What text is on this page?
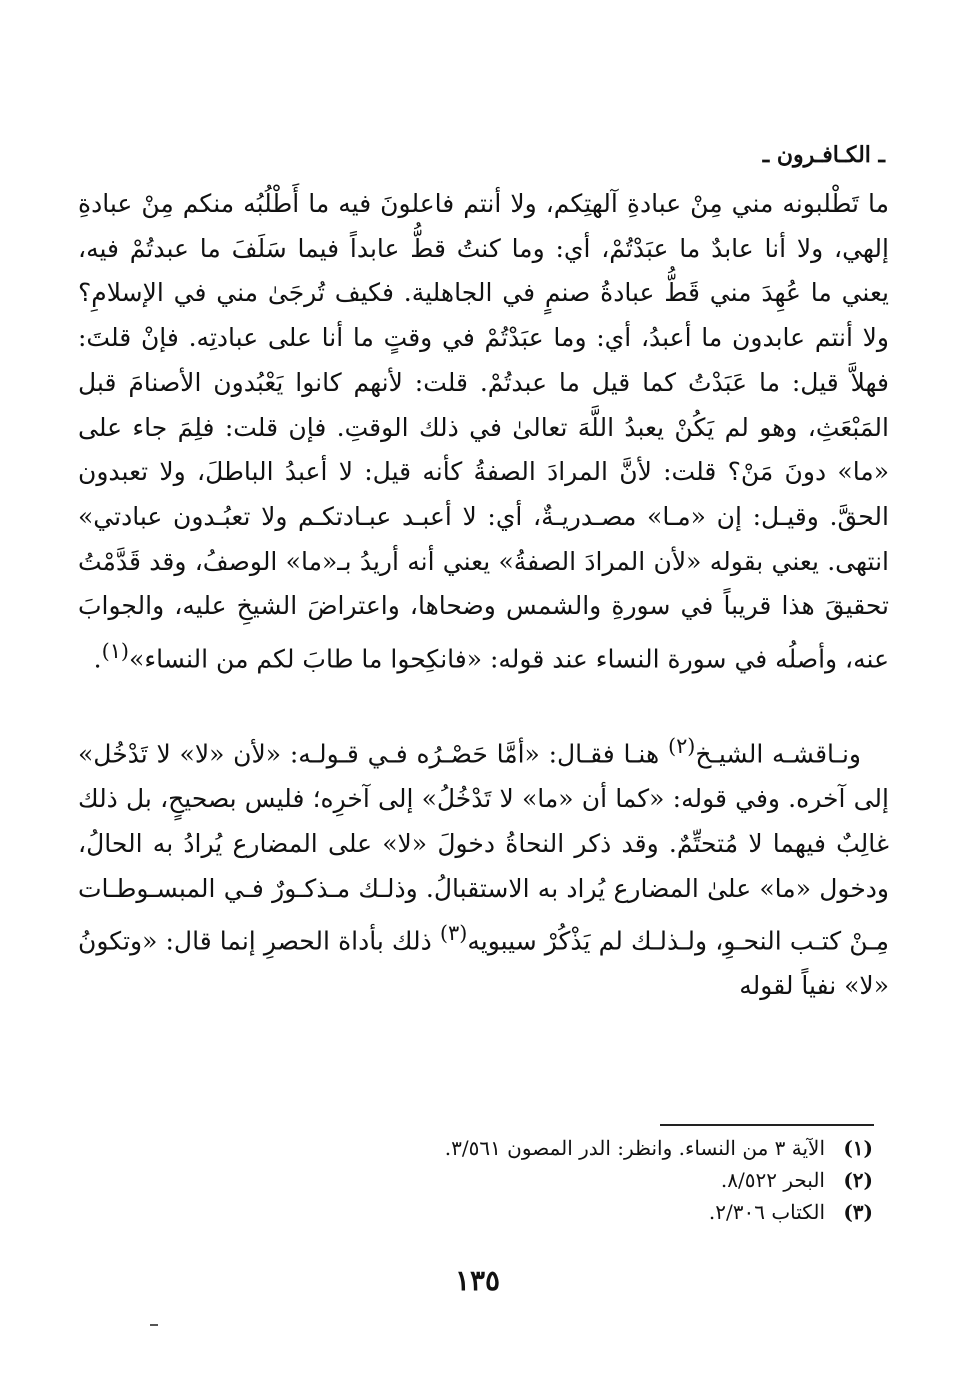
ـ الكـافـرون ـ

ما تَطْلبونه مني مِنْ عبادةِ آلهتِكم، ولا أنتم فاعلونَ فيه ما أَطْلُبُه منكم مِنْ عبادةِ إلهي، ولا أنا عابدٌ ما عبَدْتُمْ، أي: وما كنتُ قطُّ عابداً فيما سَلَفَ ما عبدتُمْ فيه، يعني ما عُهِدَ مني قَطُّ عبادةُ صنمٍ في الجاهلية. فكيف تُرجَىٰ مني في الإسلامِ؟ ولا أنتم عابدون ما أعبدُ، أي: وما عبَدْتُمْ في وقتٍ ما أنا على عبادتِه. فإنْ قلتَ: فهلاَّ قيل: ما عَبَدْتُ كما قيل ما عبدتُمْ. قلت: لأنهم كانوا يَعْبُدون الأصنامَ قبل المَبْعَثِ، وهو لم يَكُنْ يعبدُ اللَّهَ تعالىٰ في ذلك الوقتِ. فإن قلت: فلِمَ جاء على «ما» دونَ مَنْ؟ قلت: لأنَّ المرادَ الصفةُ كأنه قيل: لا أعبدُ الباطلَ، ولا تعبدون الحقَّ. وقيـل: إن «مـا» مصـدريـةٌ، أي: لا أعبـد عبـادتكـم ولا تعبُـدون عبادتي» انتهى. يعني بقوله «لأن المرادَ الصفةُ» يعني أنه أريدُ بـ«ما» الوصفُ، وقد قَدَّمْتُ تحقيقَ هذا قريباً في سورةِ والشمس وضحاها، واعتراضَ الشيخِ عليه، والجوابَ عنه، وأصلُه في سورة النساء عند قوله: «فانكِحوا ما طابَ لكم من النساء»$^{(١)}$.

ونـاقشـه الشيـخ$^{(٢)}$ هنـا فقـال: «أمَّا حَصْـرُه فـي قـولـه: «لأن «لا» لا تَدْخُل» إلى آخره. وفي قوله: «كما أن «ما» لا تَدْخُلُ» إلى آخرِه؛ فليس بصحيحٍ، بل ذلك غالِبٌ فيهما لا مُتحتِّمٌ. وقد ذكر النحاةُ دخولَ «لا» على المضارع يُرادُ به الحالُ، ودخول «ما» علىٰ المضارع يُراد به الاستقبالُ. وذلـك مـذكـورٌ فـي المبسـوطـات مِـنْ كتـب النحـوِ، ولـذلـك لم يَذْكُرْ سيبويه$^{(٣)}$ ذلك بأداة الحصرِ إنما قال: «وتكونُ «لا» نفياً لقوله

(١)
الآية ٣ من النساء. وانظر: الدر المصون ٣/٥٦١.
(٢)
البحر ٨/٥٢٢.
(٣)
الكتاب ٢/٣٠٦.
١٣٥
